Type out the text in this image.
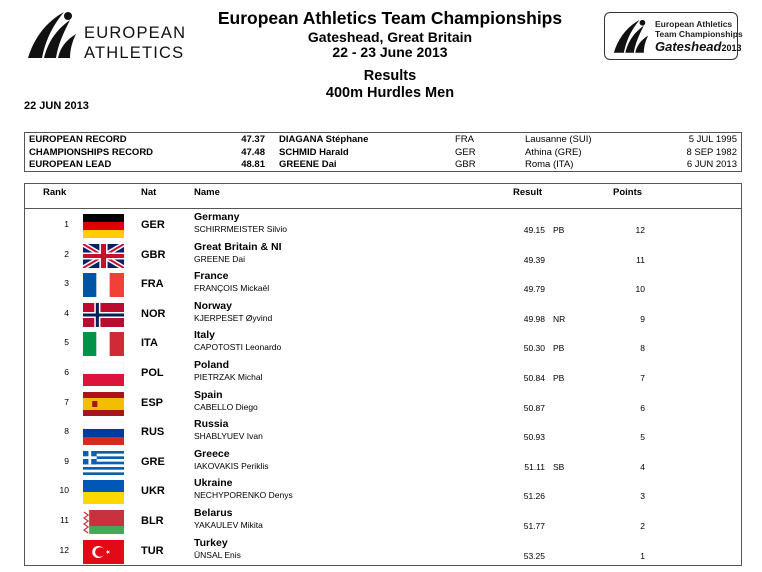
EUROPEAN
ATHLETICS
European Athletics Team Championships
Gateshead, Great Britain
22 - 23 June 2013
Results
400m Hurdles Men
22 JUN 2013
European Athletics
Team Championships
Gateshead2013
EUROPEAN RECORD	47.37 DIAGANA Stéphane	FRA	Lausanne (SUI)	5 JUL 1995
CHAMPIONSHIPS RECORD	47.48 SCHMID Harald	GER	Athina (GRE)	8 SEP 1982
EUROPEAN LEAD	48.81 GREENE Dai	GBR	Roma (ITA)	6 JUN 2013
Rank	Nat	Name	Result	Points
1	GER
Germany
SCHIRRMEISTER Silvio	49.15 PB	12
2	GBR
Great Britain & NI
GREENE Dai	49.39	11
3	FRA
France
FRANÇOIS Mickaël	49.79	10
4	NOR
Norway
KJERPESET Øyvind	49.98 NR	9
5	ITA
Italy
CAPOTOSTI Leonardo	50.30 PB	8
6	POL
Poland
PIETRZAK Michal	50.84 PB	7
7	ESP
Spain
CABELLO Diego	50.87	6
8	RUS
Russia
SHABLYUEV Ivan	50.93	5
9	GRE
Greece
IAKOVAKIS Periklis	51.11 SB	4
10	UKR
Ukraine
NECHYPORENKO Denys	51.26	3
11	BLR
Belarus
YAKAULEV Mikita	51.77	2
12	TUR
Turkey
ÜNSAL Enis	53.25	1
